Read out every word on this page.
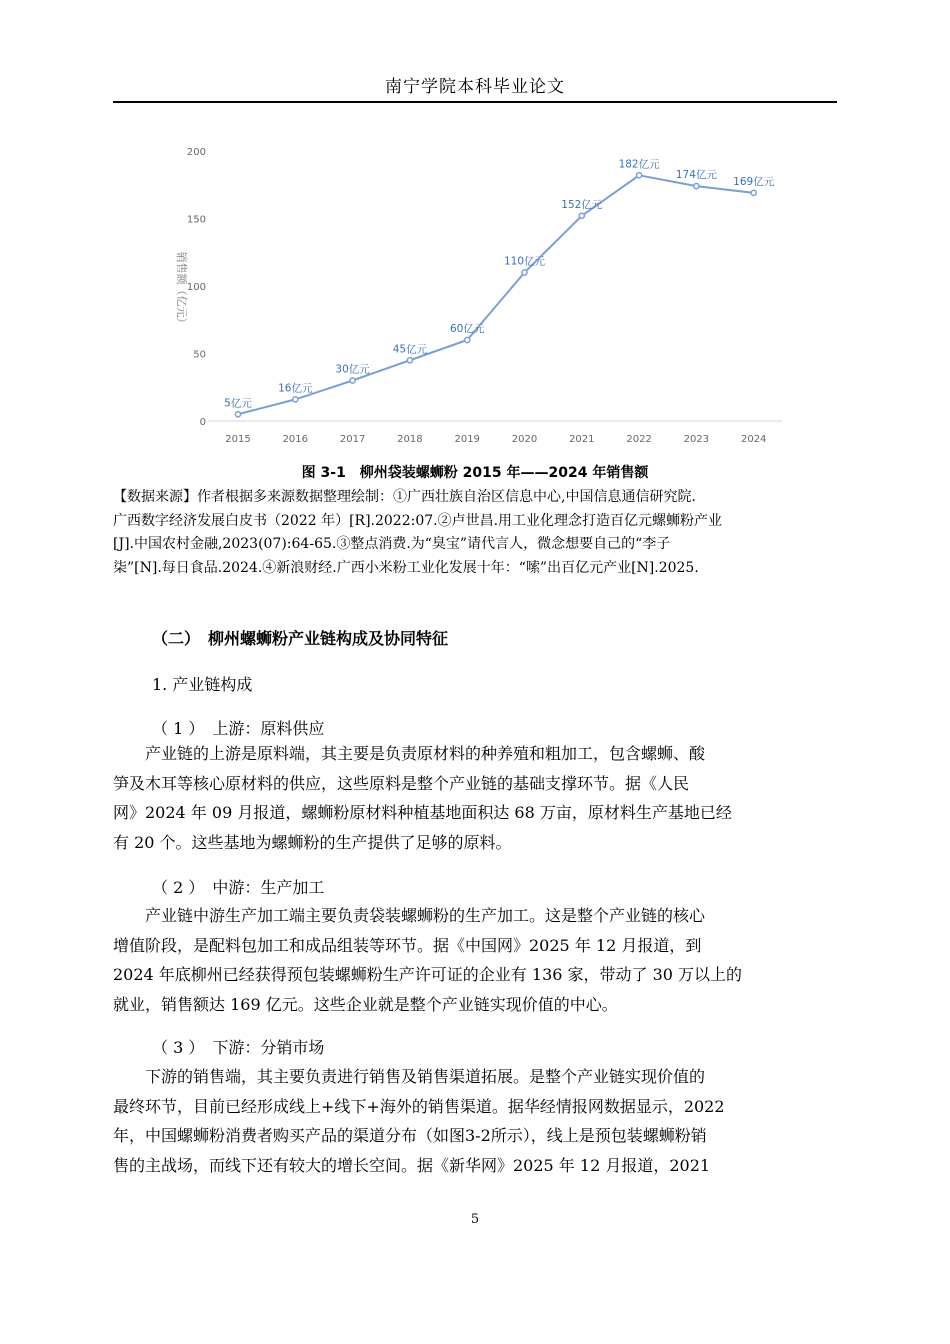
南宁学院本科毕业论文
销售额（亿元）
0
50
100
150
200
2015	2016	2017	2018	2019	2020	2021	2022	2023	2024
5亿元
16亿元
30亿元
45亿元
60亿元
110亿元
152亿元
182亿元
174亿元
169亿元
图 3-1　柳州袋装螺蛳粉 2015 年——2024 年销售额

【数据来源】作者根据多来源数据整理绘制：①广西壮族自治区信息中心,中国信息通信研究院.

广西数字经济发展白皮书（2022 年）[R].2022:07.②卢世昌.用工业化理念打造百亿元螺蛳粉产业

[J].中国农村金融,2023(07):64-65.③整点消费.为“臭宝”请代言人，微念想要自己的“李子

柒”[N].每日食品.2024.④新浪财经.广西小米粉工业化发展十年：“嗦”出百亿元产业[N].2025.

（二）　柳州螺蛳粉产业链构成及协同特征
1. 产业链构成
（ 1 ）　上游：原料供应

　　产业链的上游是原料端，其主要是负责原材料的种养殖和粗加工，包含螺蛳、酸

笋及木耳等核心原材料的供应，这些原料是整个产业链的基础支撑环节。据《人民

网》2024 年 09 月报道，螺蛳粉原材料种植基地面积达 68 万亩，原材料生产基地已经

有 20 个。这些基地为螺蛳粉的生产提供了足够的原料。

（ 2 ）　中游：生产加工

　　产业链中游生产加工端主要负责袋装螺蛳粉的生产加工。这是整个产业链的核心

增值阶段，是配料包加工和成品组装等环节。据《中国网》2025 年 12 月报道，到

2024 年底柳州已经获得预包装螺蛳粉生产许可证的企业有 136 家，带动了 30 万以上的

就业，销售额达 169 亿元。这些企业就是整个产业链实现价值的中心。

（ 3 ）　下游：分销市场

　　下游的销售端，其主要负责进行销售及销售渠道拓展。是整个产业链实现价值的

最终环节，目前已经形成线上+线下+海外的销售渠道。据华经情报网数据显示，2022

年，中国螺蛳粉消费者购买产品的渠道分布（如图3-2所示），线上是预包装螺蛳粉销

售的主战场，而线下还有较大的增长空间。据《新华网》2025 年 12 月报道，2021

5
